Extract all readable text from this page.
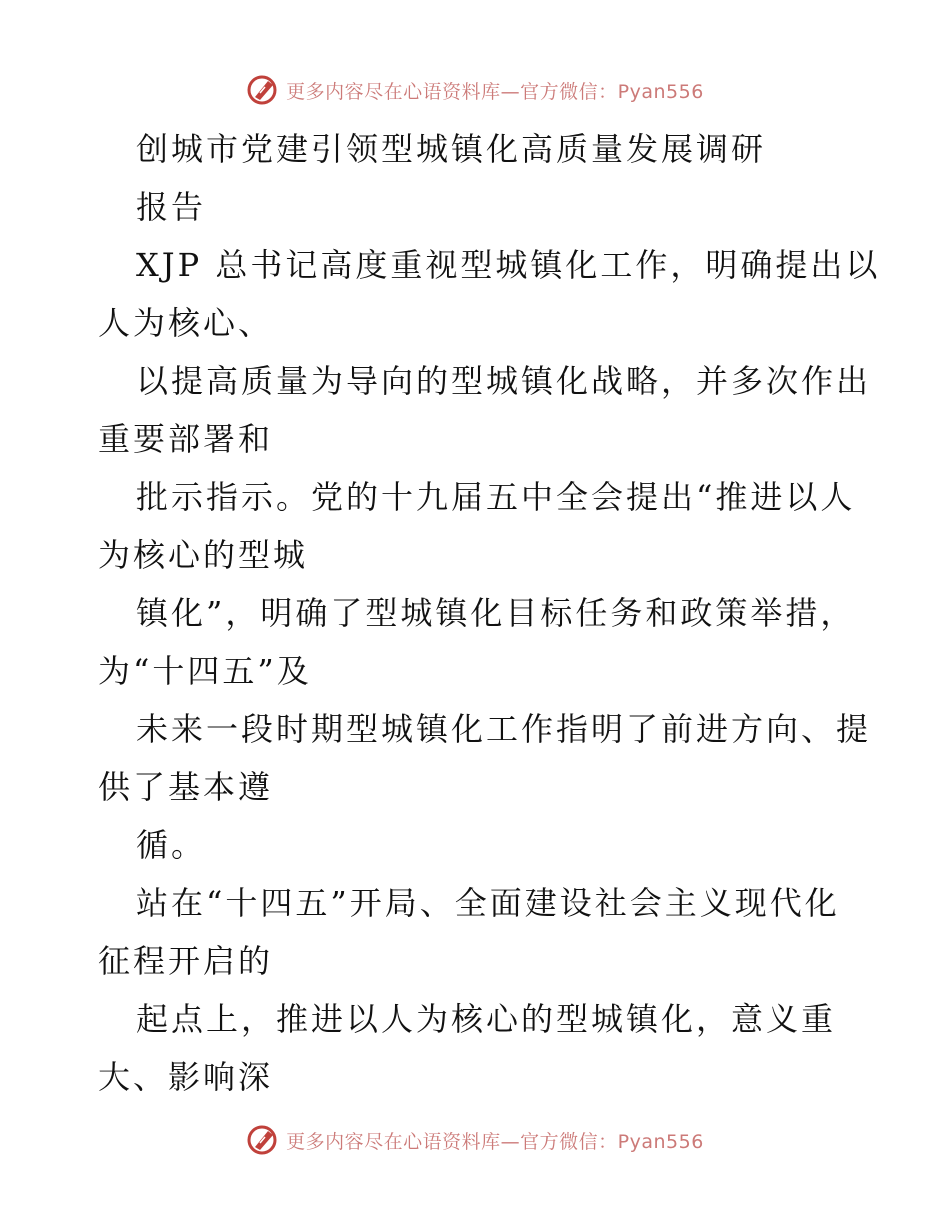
更多内容尽在心语资料库—官方微信：Pyan556
创城市党建引领型城镇化高质量发展调研
报告
XJP 总书记高度重视型城镇化工作，明确提出以
人为核心、
以提高质量为导向的型城镇化战略，并多次作出
重要部署和
批示指示。党的十九届五中全会提出“推进以人
为核心的型城
镇化”，明确了型城镇化目标任务和政策举措，
为“十四五”及
未来一段时期型城镇化工作指明了前进方向、提
供了基本遵
循。
站在“十四五”开局、全面建设社会主义现代化
征程开启的
起点上，推进以人为核心的型城镇化，意义重
大、影响深
更多内容尽在心语资料库—官方微信：Pyan556
